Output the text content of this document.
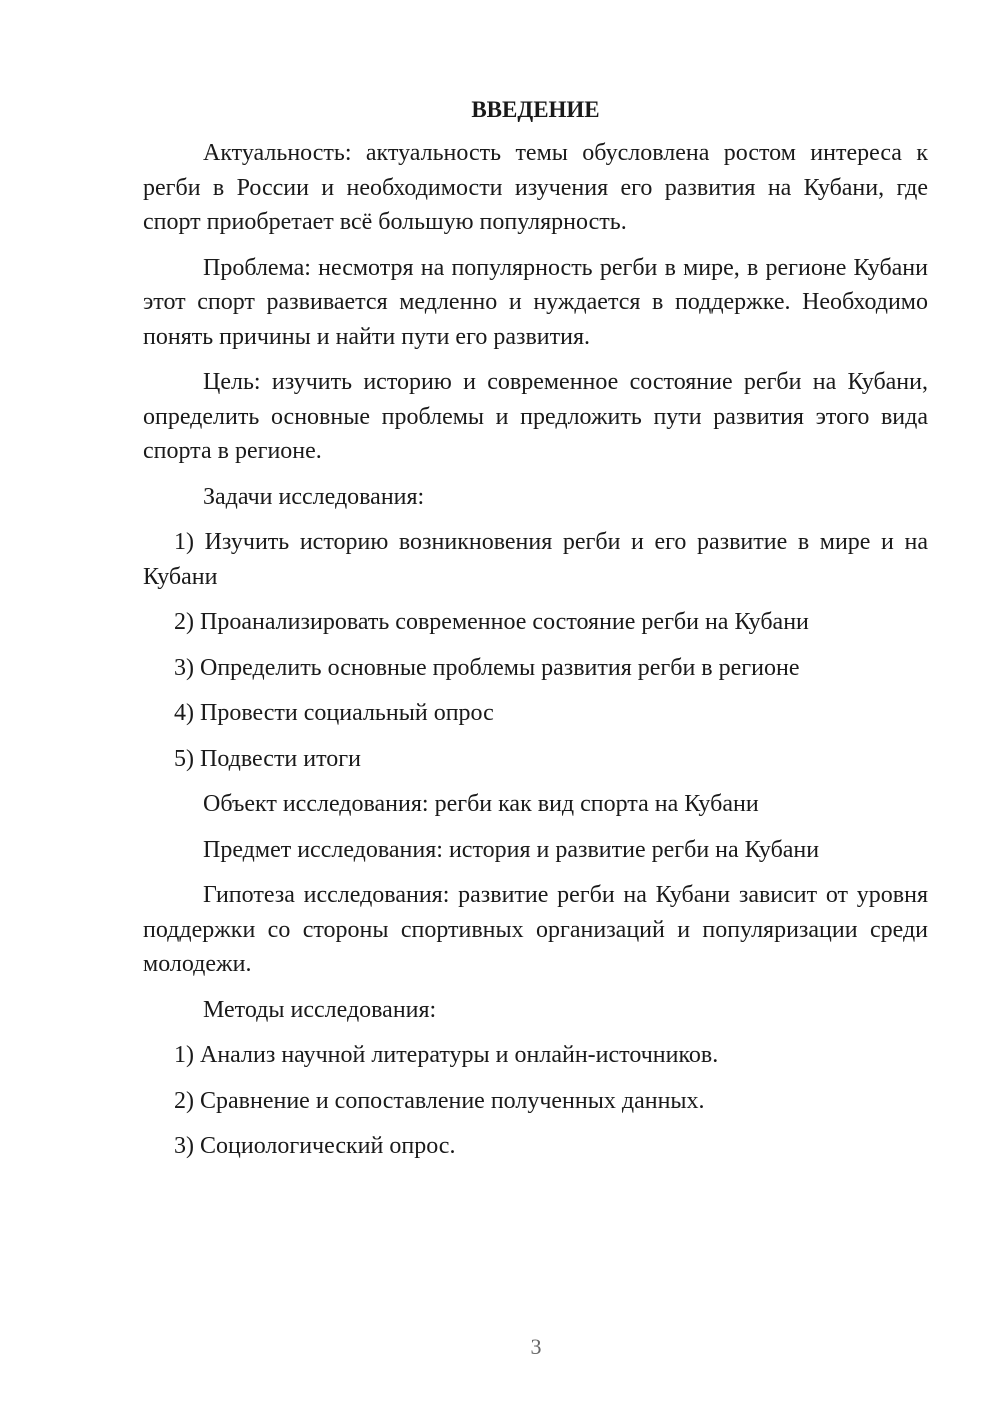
ВВЕДЕНИЕ

Актуальность: актуальность темы обусловлена ростом интереса к регби в России и необходимости изучения его развития на Кубани, где спорт приобретает всё большую популярность.

Проблема: несмотря на популярность регби в мире, в регионе Кубани этот спорт развивается медленно и нуждается в поддержке. Необходимо понять причины и найти пути его развития.

Цель: изучить историю и современное состояние регби на Кубани, определить основные проблемы и предложить пути развития этого вида спорта в регионе.

Задачи исследования:

1) Изучить историю возникновения регби и его развитие в мире и на Кубани

2) Проанализировать современное состояние регби на Кубани

3) Определить основные проблемы развития регби в регионе

4) Провести социальный опрос

5) Подвести итоги

Объект исследования: регби как вид спорта на Кубани

Предмет исследования: история и развитие регби на Кубани

Гипотеза исследования: развитие регби на Кубани зависит от уровня поддержки со стороны спортивных организаций и популяризации среди молодежи.

Методы исследования:

1) Анализ научной литературы и онлайн-источников.

2) Сравнение и сопоставление полученных данных.

3) Социологический опрос.

3
